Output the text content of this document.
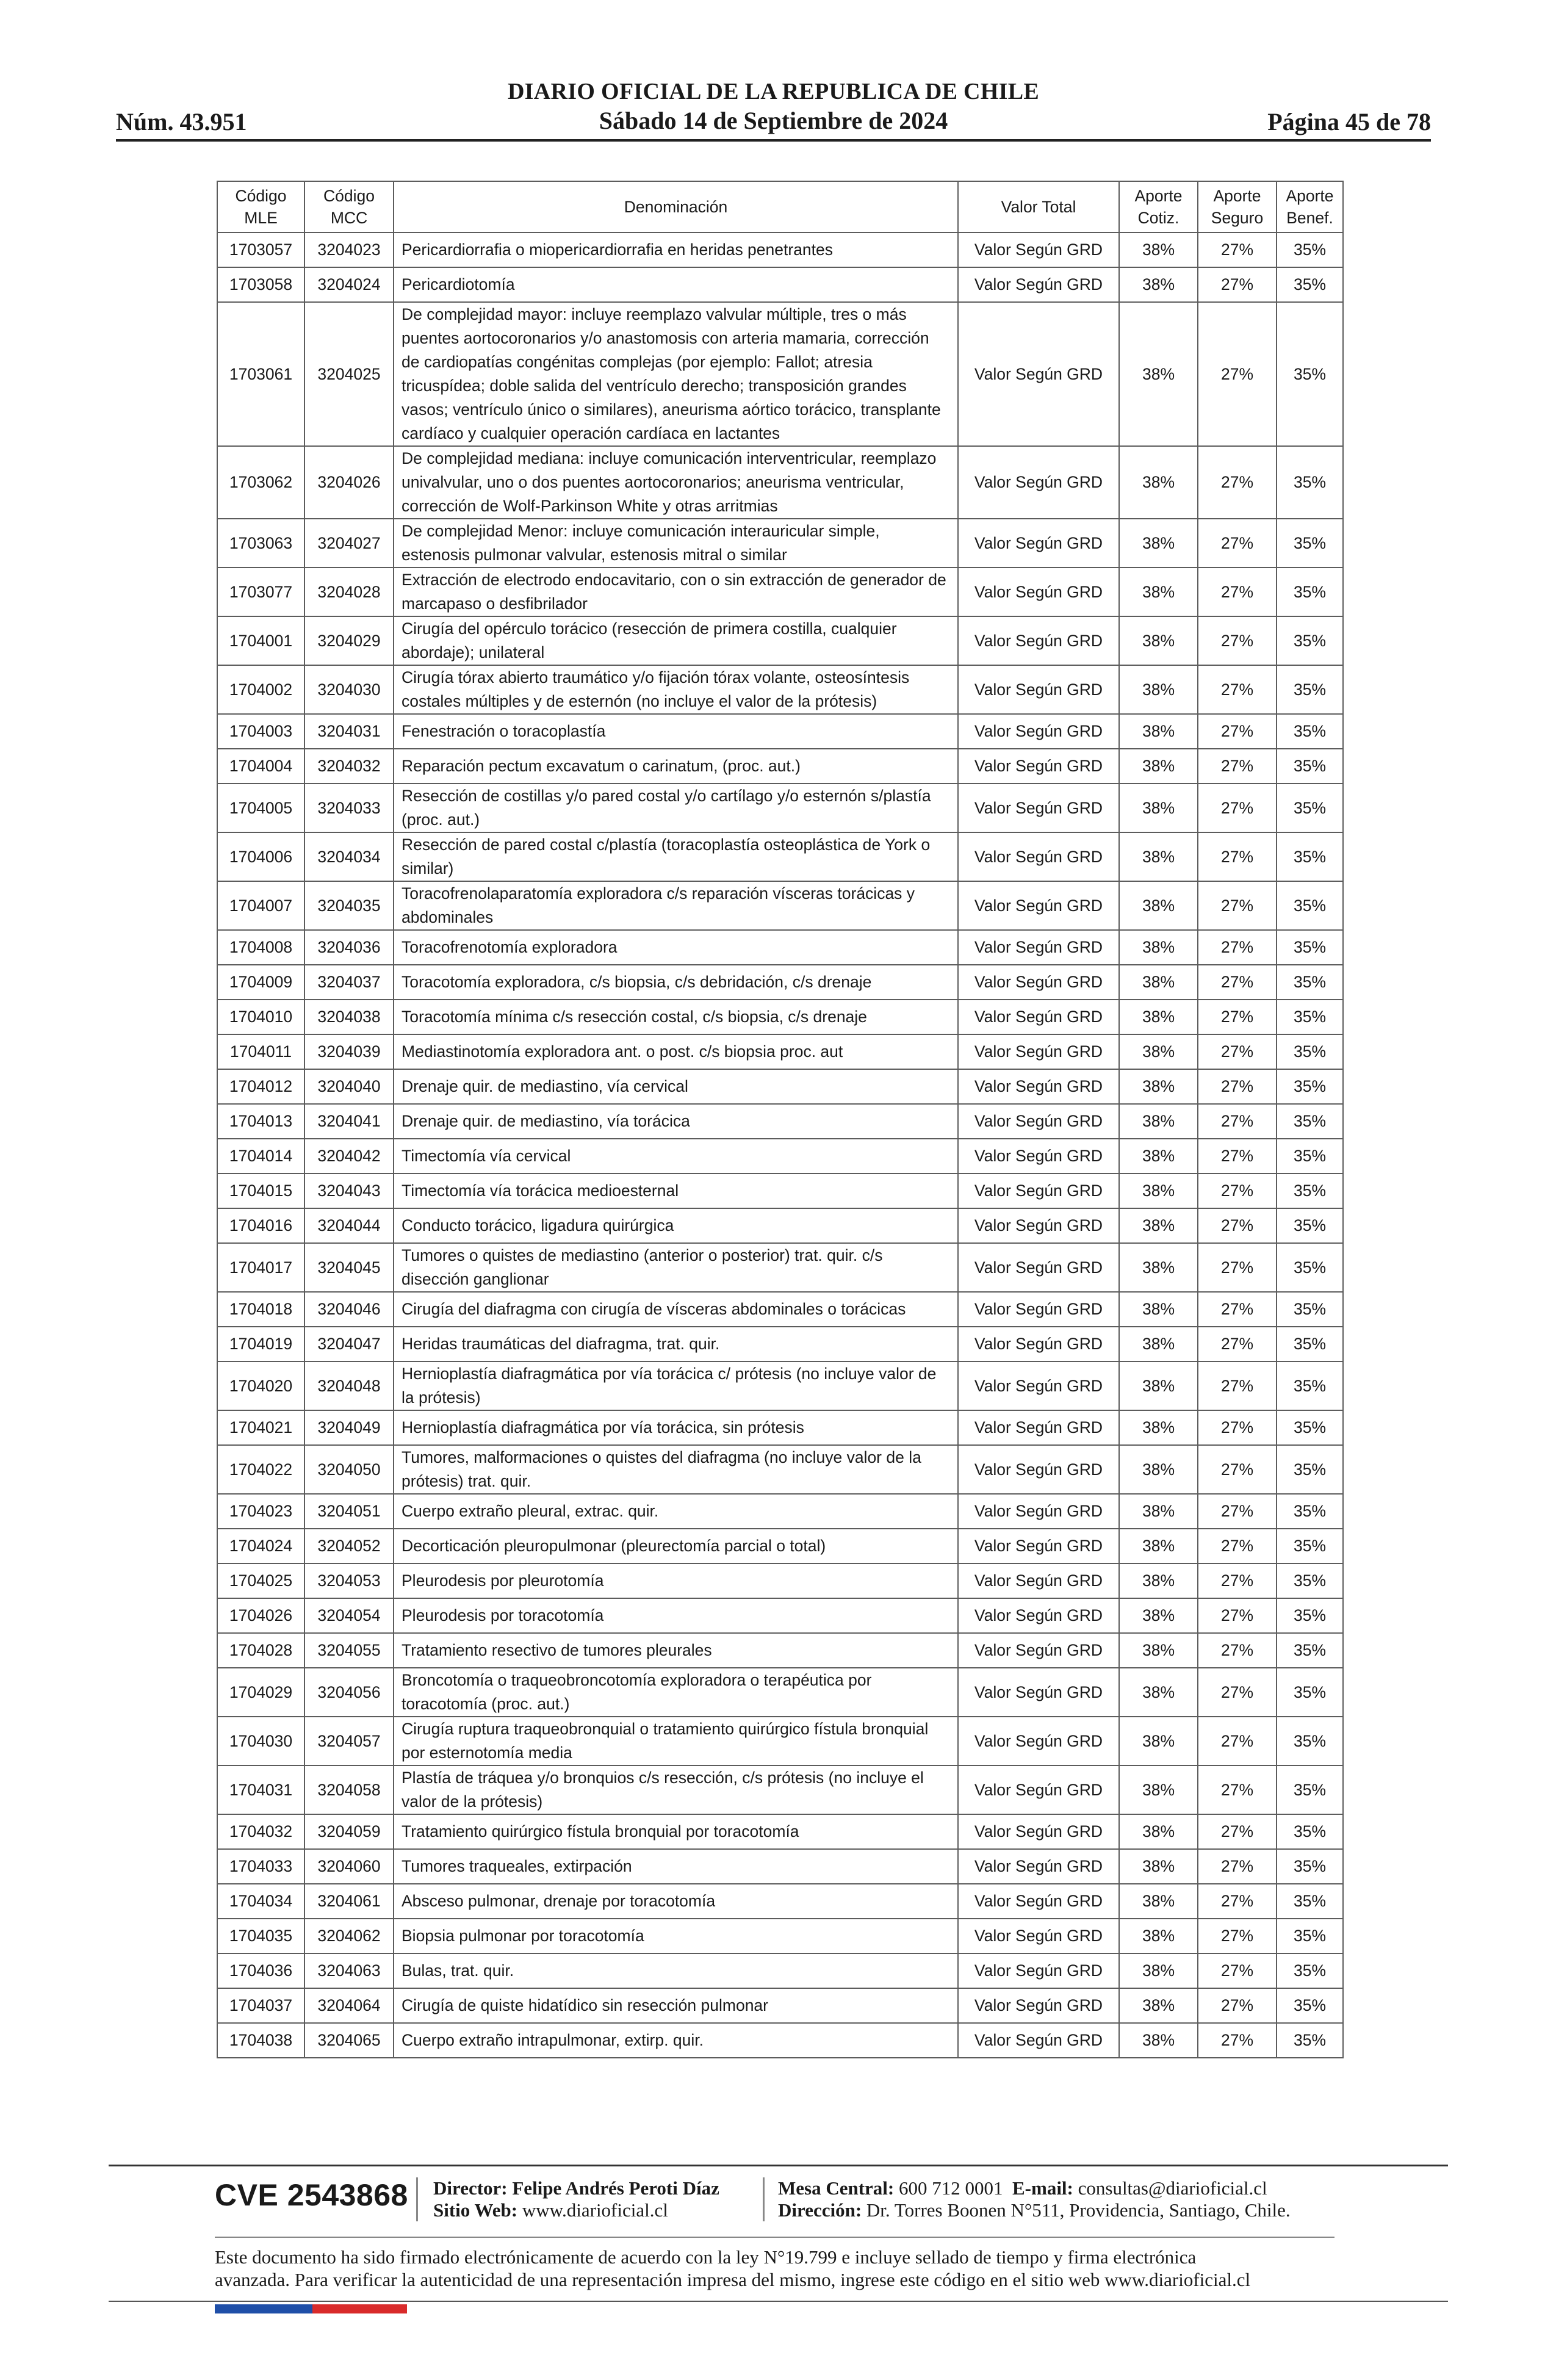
DIARIO OFICIAL DE LA REPUBLICA DE CHILE
Núm. 43.951	Sábado 14 de Septiembre de 2024	Página 45 de 78
Código MLE	Código MCC	Denominación	Valor Total	Aporte Cotiz.	Aporte Seguro	Aporte Benef.
1703057	3204023	Pericardiorrafia o miopericardiorrafia en heridas penetrantes	Valor Según GRD	38%	27%	35%
1703058	3204024	Pericardiotomía	Valor Según GRD	38%	27%	35%
1703061	3204025	De complejidad mayor: incluye reemplazo valvular múltiple, tres o más puentes aortocoronarios y/o anastomosis con arteria mamaria, corrección de cardiopatías congénitas complejas (por ejemplo: Fallot; atresia tricuspídea; doble salida del ventrículo derecho; transposición grandes vasos; ventrículo único o similares), aneurisma aórtico torácico, transplante cardíaco y cualquier operación cardíaca en lactantes	Valor Según GRD	38%	27%	35%
1703062	3204026	De complejidad mediana: incluye comunicación interventricular, reemplazo univalvular, uno o dos puentes aortocoronarios; aneurisma ventricular, corrección de Wolf-Parkinson White y otras arritmias	Valor Según GRD	38%	27%	35%
1703063	3204027	De complejidad Menor: incluye comunicación interauricular simple, estenosis pulmonar valvular, estenosis mitral o similar	Valor Según GRD	38%	27%	35%
1703077	3204028	Extracción de electrodo endocavitario, con o sin extracción de generador de marcapaso o desfibrilador	Valor Según GRD	38%	27%	35%
1704001	3204029	Cirugía del opérculo torácico (resección de primera costilla, cualquier abordaje); unilateral	Valor Según GRD	38%	27%	35%
1704002	3204030	Cirugía tórax abierto traumático y/o fijación tórax volante, osteosíntesis costales múltiples y de esternón (no incluye el valor de la prótesis)	Valor Según GRD	38%	27%	35%
1704003	3204031	Fenestración o toracoplastía	Valor Según GRD	38%	27%	35%
1704004	3204032	Reparación pectum excavatum o carinatum, (proc. aut.)	Valor Según GRD	38%	27%	35%
1704005	3204033	Resección de costillas y/o pared costal y/o cartílago y/o esternón s/plastía (proc. aut.)	Valor Según GRD	38%	27%	35%
1704006	3204034	Resección de pared costal c/plastía (toracoplastía osteoplástica de York o similar)	Valor Según GRD	38%	27%	35%
1704007	3204035	Toracofrenolaparatomía exploradora c/s reparación vísceras torácicas y abdominales	Valor Según GRD	38%	27%	35%
1704008	3204036	Toracofrenotomía exploradora	Valor Según GRD	38%	27%	35%
1704009	3204037	Toracotomía exploradora, c/s biopsia, c/s debridación, c/s drenaje	Valor Según GRD	38%	27%	35%
1704010	3204038	Toracotomía mínima c/s resección costal, c/s biopsia, c/s drenaje	Valor Según GRD	38%	27%	35%
1704011	3204039	Mediastinotomía exploradora ant. o post. c/s biopsia proc. aut	Valor Según GRD	38%	27%	35%
1704012	3204040	Drenaje quir. de mediastino, vía cervical	Valor Según GRD	38%	27%	35%
1704013	3204041	Drenaje quir. de mediastino, vía torácica	Valor Según GRD	38%	27%	35%
1704014	3204042	Timectomía vía cervical	Valor Según GRD	38%	27%	35%
1704015	3204043	Timectomía vía torácica medioesternal	Valor Según GRD	38%	27%	35%
1704016	3204044	Conducto torácico, ligadura quirúrgica	Valor Según GRD	38%	27%	35%
1704017	3204045	Tumores o quistes de mediastino (anterior o posterior) trat. quir. c/s disección ganglionar	Valor Según GRD	38%	27%	35%
1704018	3204046	Cirugía del diafragma con cirugía de vísceras abdominales o torácicas	Valor Según GRD	38%	27%	35%
1704019	3204047	Heridas traumáticas del diafragma, trat. quir.	Valor Según GRD	38%	27%	35%
1704020	3204048	Hernioplastía diafragmática por vía torácica c/ prótesis (no incluye valor de la prótesis)	Valor Según GRD	38%	27%	35%
1704021	3204049	Hernioplastía diafragmática por vía torácica, sin prótesis	Valor Según GRD	38%	27%	35%
1704022	3204050	Tumores, malformaciones o quistes del diafragma (no incluye valor de la prótesis) trat. quir.	Valor Según GRD	38%	27%	35%
1704023	3204051	Cuerpo extraño pleural, extrac. quir.	Valor Según GRD	38%	27%	35%
1704024	3204052	Decorticación pleuropulmonar (pleurectomía parcial o total)	Valor Según GRD	38%	27%	35%
1704025	3204053	Pleurodesis por pleurotomía	Valor Según GRD	38%	27%	35%
1704026	3204054	Pleurodesis por toracotomía	Valor Según GRD	38%	27%	35%
1704028	3204055	Tratamiento resectivo de tumores pleurales	Valor Según GRD	38%	27%	35%
1704029	3204056	Broncotomía o traqueobroncotomía exploradora o terapéutica por toracotomía (proc. aut.)	Valor Según GRD	38%	27%	35%
1704030	3204057	Cirugía ruptura traqueobronquial o tratamiento quirúrgico fístula bronquial por esternotomía media	Valor Según GRD	38%	27%	35%
1704031	3204058	Plastía de tráquea y/o bronquios c/s resección, c/s prótesis (no incluye el valor de la prótesis)	Valor Según GRD	38%	27%	35%
1704032	3204059	Tratamiento quirúrgico fístula bronquial por toracotomía	Valor Según GRD	38%	27%	35%
1704033	3204060	Tumores traqueales, extirpación	Valor Según GRD	38%	27%	35%
1704034	3204061	Absceso pulmonar, drenaje por toracotomía	Valor Según GRD	38%	27%	35%
1704035	3204062	Biopsia pulmonar por toracotomía	Valor Según GRD	38%	27%	35%
1704036	3204063	Bulas, trat. quir.	Valor Según GRD	38%	27%	35%
1704037	3204064	Cirugía de quiste hidatídico sin resección pulmonar	Valor Según GRD	38%	27%	35%
1704038	3204065	Cuerpo extraño intrapulmonar, extirp. quir.	Valor Según GRD	38%	27%	35%
CVE 2543868 Director: Felipe Andrés Peroti Díaz
Sitio Web: www.diarioficial.cl
Mesa Central: 600 712 0001 E-mail: consultas@diarioficial.cl
Dirección: Dr. Torres Boonen N°511, Providencia, Santiago, Chile.
Este documento ha sido firmado electrónicamente de acuerdo con la ley N°19.799 e incluye sellado de tiempo y firma electrónica
avanzada. Para verificar la autenticidad de una representación impresa del mismo, ingrese este código en el sitio web www.diarioficial.cl
